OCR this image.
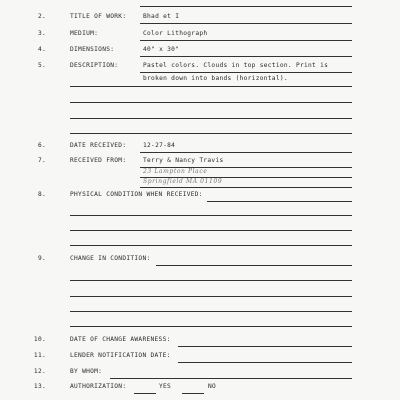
2.	TITLE OF WORK:	Bhad et I
3.	MEDIUM:	Color Lithograph
4.	DIMENSIONS:	40" x 30"
5.	DESCRIPTION:	Pastel colors. Clouds in top section. Print is
broken down into bands (horizontal).
6.	DATE RECEIVED:	12-27-84
7.	RECEIVED FROM:	Terry & Nancy Travis
23 Lampton Place
Springfield MA 01109
8.	PHYSICAL CONDITION WHEN RECEIVED:
9.	CHANGE IN CONDITION:
10.	DATE OF CHANGE AWARENESS:
11.	LENDER NOTIFICATION DATE:
12.	BY WHOM:
13.	AUTHORIZATION:	YES	NO
